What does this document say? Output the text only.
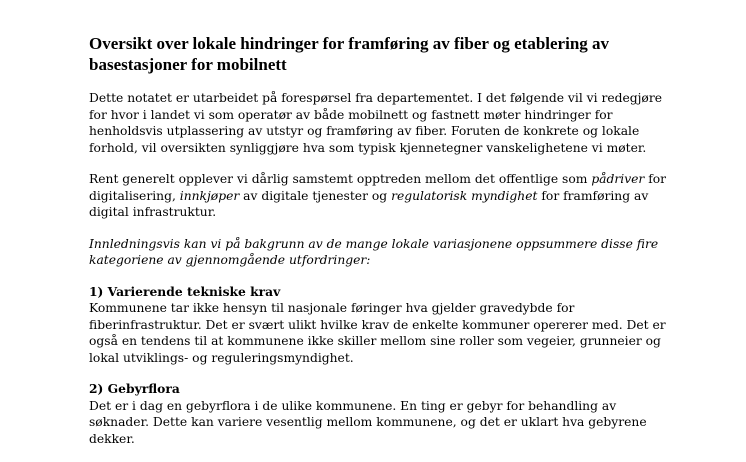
Oversikt over lokale hindringer for framføring av fiber og etablering av basestasjoner for mobilnett

Dette notatet er utarbeidet på forespørsel fra departementet. I det følgende vil vi redegjøre for hvor i landet vi som operatør av både mobilnett og fastnett møter hindringer for henholdsvis utplassering av utstyr og framføring av fiber. Foruten de konkrete og lokale forhold, vil oversikten synliggjøre hva som typisk kjennetegner vanskelighetene vi møter.

Rent generelt opplever vi dårlig samstemt opptreden mellom det offentlige som pådriver for digitalisering, innkjøper av digitale tjenester og regulatorisk myndighet for framføring av digital infrastruktur.

Innledningsvis kan vi på bakgrunn av de mange lokale variasjonene oppsummere disse fire kategoriene av gjennomgående utfordringer:

1) Varierende tekniske krav
Kommunene tar ikke hensyn til nasjonale føringer hva gjelder gravedybde for fiberinfrastruktur. Det er svært ulikt hvilke krav de enkelte kommuner opererer med. Det er også en tendens til at kommunene ikke skiller mellom sine roller som vegeier, grunneier og lokal utviklings- og reguleringsmyndighet.
2) Gebyrflora
Det er i dag en gebyrflora i de ulike kommunene. En ting er gebyr for behandling av søknader. Dette kan variere vesentlig mellom kommunene, og det er uklart hva gebyrene dekker.
